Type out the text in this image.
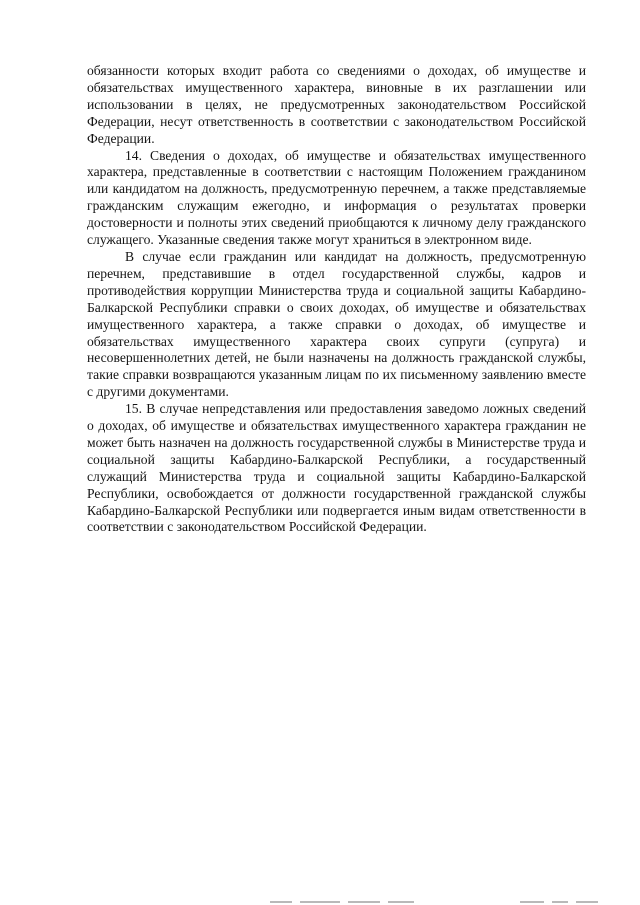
обязанности которых входит работа со сведениями о доходах, об имуществе и обязательствах имущественного характера, виновные в их разглашении или использовании в целях, не предусмотренных законодательством Российской Федерации, несут ответственность в соответствии с законодательством Российской Федерации.

14. Сведения о доходах, об имуществе и обязательствах имущественного характера, представленные в соответствии с настоящим Положением гражданином или кандидатом на должность, предусмотренную перечнем, а также представляемые гражданским служащим ежегодно, и информация о результатах проверки достоверности и полноты этих сведений приобщаются к личному делу гражданского служащего. Указанные сведения также могут храниться в электронном виде.

В случае если гражданин или кандидат на должность, предусмотренную перечнем, представившие в отдел государственной службы, кадров и противодействия коррупции Министерства труда и социальной защиты Кабардино-Балкарской Республики справки о своих доходах, об имуществе и обязательствах имущественного характера, а также справки о доходах, об имуществе и обязательствах имущественного характера своих супруги (супруга) и несовершеннолетних детей, не были назначены на должность гражданской службы, такие справки возвращаются указанным лицам по их письменному заявлению вместе с другими документами.

15. В случае непредставления или предоставления заведомо ложных сведений о доходах, об имуществе и обязательствах имущественного характера гражданин не может быть назначен на должность государственной службы в Министерстве труда и социальной защиты Кабардино-Балкарской Республики, а государственный служащий Министерства труда и социальной защиты Кабардино-Балкарской Республики, освобождается от должности государственной гражданской службы Кабардино-Балкарской Республики или подвергается иным видам ответственности в соответствии с законодательством Российской Федерации.
